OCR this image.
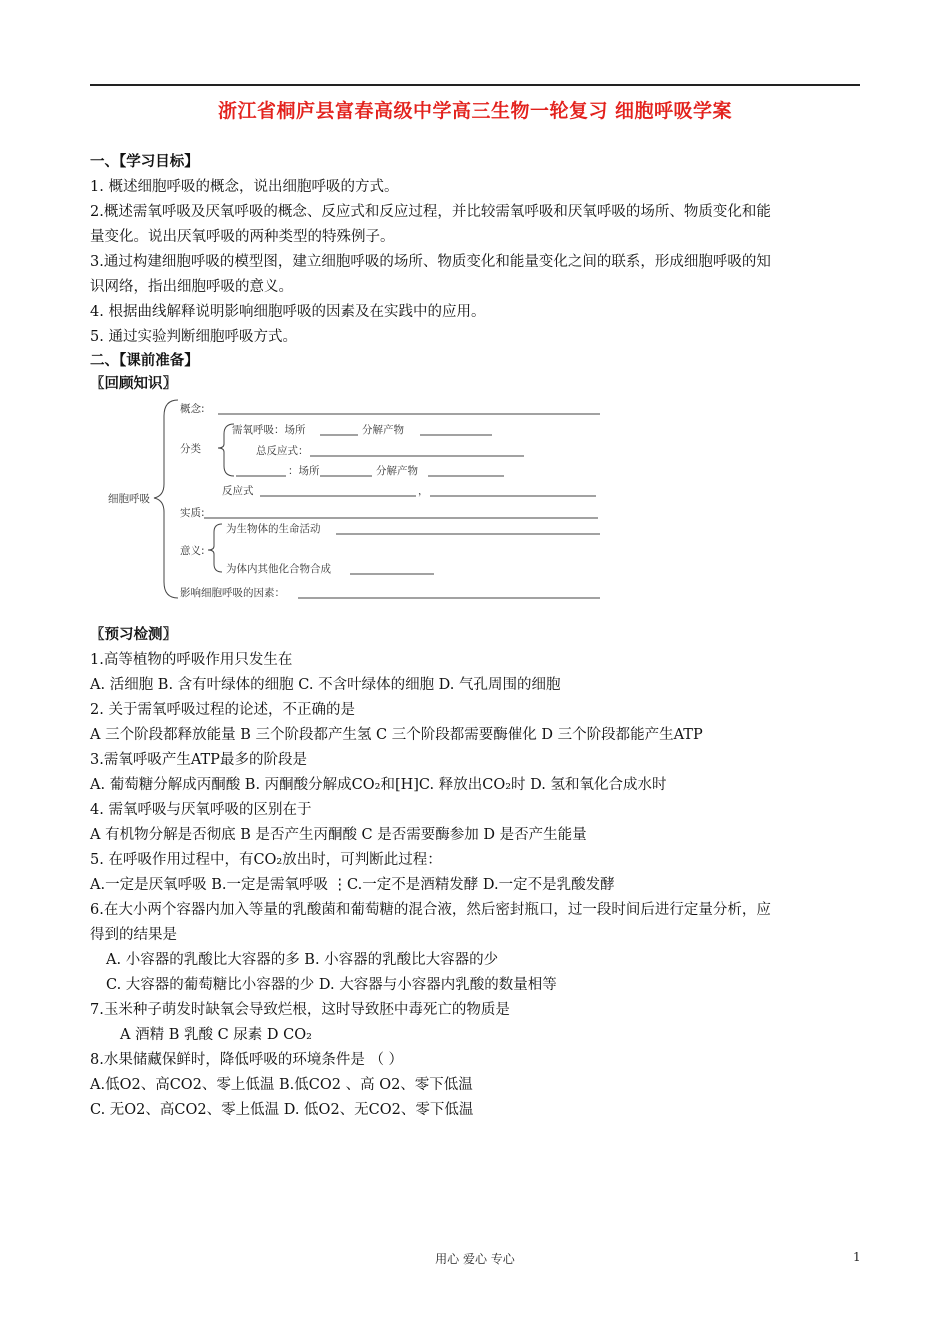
浙江省桐庐县富春高级中学高三生物一轮复习 细胞呼吸学案
一、【学习目标】
1. 概述细胞呼吸的概念，说出细胞呼吸的方式。
2.概述需氧呼吸及厌氧呼吸的概念、反应式和反应过程，并比较需氧呼吸和厌氧呼吸的场所、物质变化和能
量变化。说出厌氧呼吸的两种类型的特殊例子。
3.通过构建细胞呼吸的模型图，建立细胞呼吸的场所、物质变化和能量变化之间的联系，形成细胞呼吸的知
识网络，指出细胞呼吸的意义。
4. 根据曲线解释说明影响细胞呼吸的因素及在实践中的应用。
5. 通过实验判断细胞呼吸方式。
二、【课前准备】
〖回顾知识〗
细胞呼吸
概念:
分类
需氧呼吸：场所	分解产物
总反应式：
：场所	分解产物
反应式	，
实质:
意义:
为生物体的生命活动
为体内其他化合物合成
影响细胞呼吸的因素：
〖预习检测〗
1.高等植物的呼吸作用只发生在
A. 活细胞 B. 含有叶绿体的细胞 C. 不含叶绿体的细胞 D. 气孔周围的细胞
2. 关于需氧呼吸过程的论述，不正确的是
A 三个阶段都释放能量 B 三个阶段都产生氢 C 三个阶段都需要酶催化 D 三个阶段都能产生ATP
3.需氧呼吸产生ATP最多的阶段是
A. 葡萄糖分解成丙酮酸 B. 丙酮酸分解成CO₂和[H]C. 释放出CO₂时 D. 氢和氧化合成水时
4. 需氧呼吸与厌氧呼吸的区别在于
A 有机物分解是否彻底 B 是否产生丙酮酸 C 是否需要酶参加 D 是否产生能量
5. 在呼吸作用过程中，有CO₂放出时，可判断此过程：
A.一定是厌氧呼吸 B.一定是需氧呼吸 ⋮C.一定不是酒精发酵 D.一定不是乳酸发酵
6.在大小两个容器内加入等量的乳酸菌和葡萄糖的混合液，然后密封瓶口，过一段时间后进行定量分析，应
得到的结果是
A. 小容器的乳酸比大容器的多 B. 小容器的乳酸比大容器的少
C. 大容器的葡萄糖比小容器的少 D. 大容器与小容器内乳酸的数量相等
7.玉米种子萌发时缺氧会导致烂根，这时导致胚中毒死亡的物质是
A 酒精 B 乳酸 C 尿素 D CO₂
8.水果储藏保鲜时，降低呼吸的环境条件是 （ ）
A.低O2、高CO2、零上低温 B.低CO2 、高 O2、零下低温
C. 无O2、高CO2、零上低温 D. 低O2、无CO2、零下低温
用心 爱心 专心	1
